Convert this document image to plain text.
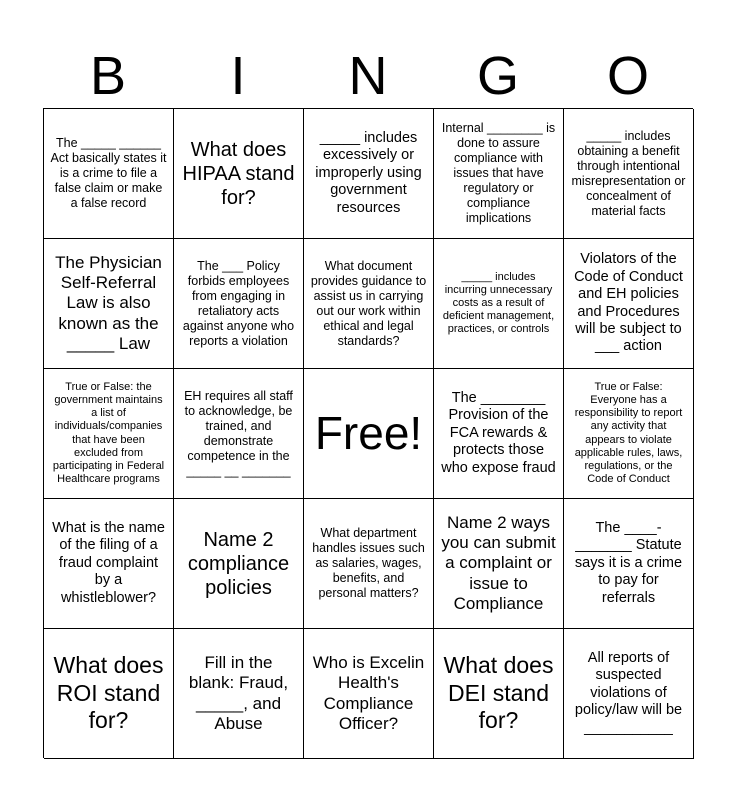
B	I	N	G	O
The _____ ______ Act basically states it is a crime to file a false claim or make a false record
What does HIPAA stand for?
_____ includes excessively or improperly using government resources
Internal ________ is done to assure compliance with issues that have regulatory or compliance implications
_____ includes obtaining a benefit through intentional misrepresentation or concealment of material facts
The Physician Self-Referral Law is also known as the _____ Law
The ___ Policy forbids employees from engaging in retaliatory acts against anyone who reports a violation
What document provides guidance to assist us in carrying out our work within ethical and legal standards?
_____ includes incurring unnecessary costs as a result of deficient management, practices, or controls
Violators of the Code of Conduct and EH policies and Procedures will be subject to ___ action
True or False: the government maintains a list of individuals/companies that have been excluded from participating in Federal Healthcare programs
EH requires all staff to acknowledge, be trained, and demonstrate competence in the _____ __ _______
Free!
The ________ Provision of the FCA rewards & protects those who expose fraud
True or False: Everyone has a responsibility to report any activity that appears to violate applicable rules, laws, regulations, or the Code of Conduct
What is the name of the filing of a fraud complaint by a whistleblower?
Name 2 compliance policies
What department handles issues such as salaries, wages, benefits, and personal matters?
Name 2 ways you can submit a complaint or issue to Compliance
The ____-_______ Statute says it is a crime to pay for referrals
What does ROI stand for?
Fill in the blank: Fraud, _____, and Abuse
Who is Excelin Health's Compliance Officer?
What does DEI stand for?
All reports of suspected violations of policy/law will be ___________
